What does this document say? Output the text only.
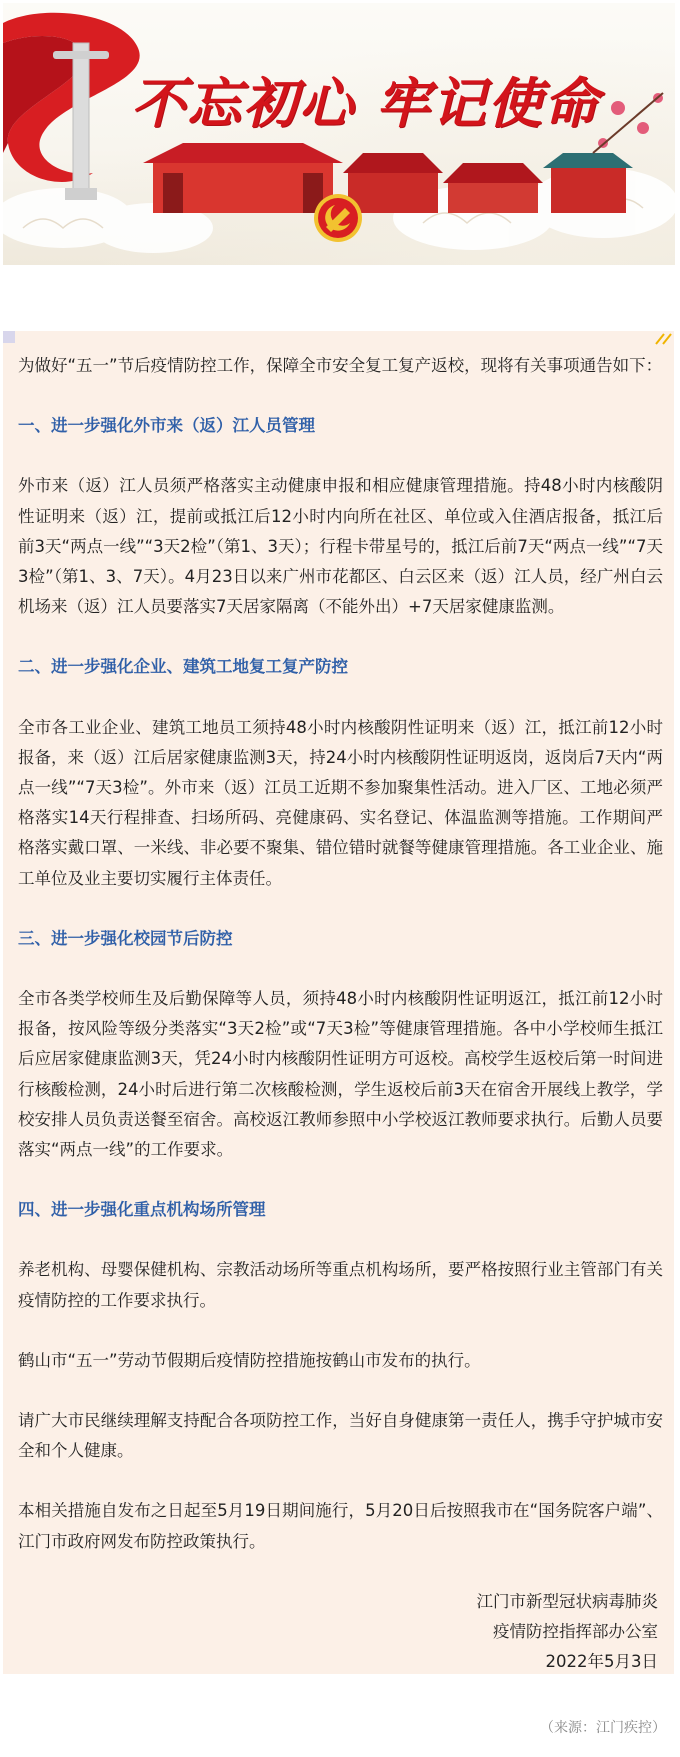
不忘初心 牢记使命

为做好“五一”节后疫情防控工作，保障全市安全复工复产返校，现将有关事项通告如下：

一、进一步强化外市来（返）江人员管理

外市来（返）江人员须严格落实主动健康申报和相应健康管理措施。持48小时内核酸阴性证明来（返）江，提前或抵江后12小时内向所在社区、单位或入住酒店报备，抵江后前3天“两点一线”“3天2检”（第1、3天）；行程卡带星号的，抵江后前7天“两点一线”“7天3检”（第1、3、7天）。4月23日以来广州市花都区、白云区来（返）江人员，经广州白云机场来（返）江人员要落实7天居家隔离（不能外出）+7天居家健康监测。

二、进一步强化企业、建筑工地复工复产防控

全市各工业企业、建筑工地员工须持48小时内核酸阴性证明来（返）江，抵江前12小时报备，来（返）江后居家健康监测3天，持24小时内核酸阴性证明返岗，返岗后7天内“两点一线”“7天3检”。外市来（返）江员工近期不参加聚集性活动。进入厂区、工地必须严格落实14天行程排查、扫场所码、亮健康码、实名登记、体温监测等措施。工作期间严格落实戴口罩、一米线、非必要不聚集、错位错时就餐等健康管理措施。各工业企业、施工单位及业主要切实履行主体责任。

三、进一步强化校园节后防控

全市各类学校师生及后勤保障等人员，须持48小时内核酸阴性证明返江，抵江前12小时报备，按风险等级分类落实“3天2检”或“7天3检”等健康管理措施。各中小学校师生抵江后应居家健康监测3天，凭24小时内核酸阴性证明方可返校。高校学生返校后第一时间进行核酸检测，24小时后进行第二次核酸检测，学生返校后前3天在宿舍开展线上教学，学校安排人员负责送餐至宿舍。高校返江教师参照中小学校返江教师要求执行。后勤人员要落实“两点一线”的工作要求。

四、进一步强化重点机构场所管理

养老机构、母婴保健机构、宗教活动场所等重点机构场所，要严格按照行业主管部门有关疫情防控的工作要求执行。

鹤山市“五一”劳动节假期后疫情防控措施按鹤山市发布的执行。

请广大市民继续理解支持配合各项防控工作，当好自身健康第一责任人，携手守护城市安全和个人健康。

本相关措施自发布之日起至5月19日期间施行，5月20日后按照我市在“国务院客户端”、江门市政府网发布防控政策执行。

江门市新型冠状病毒肺炎

疫情防控指挥部办公室

2022年5月3日

（来源：江门疾控）
